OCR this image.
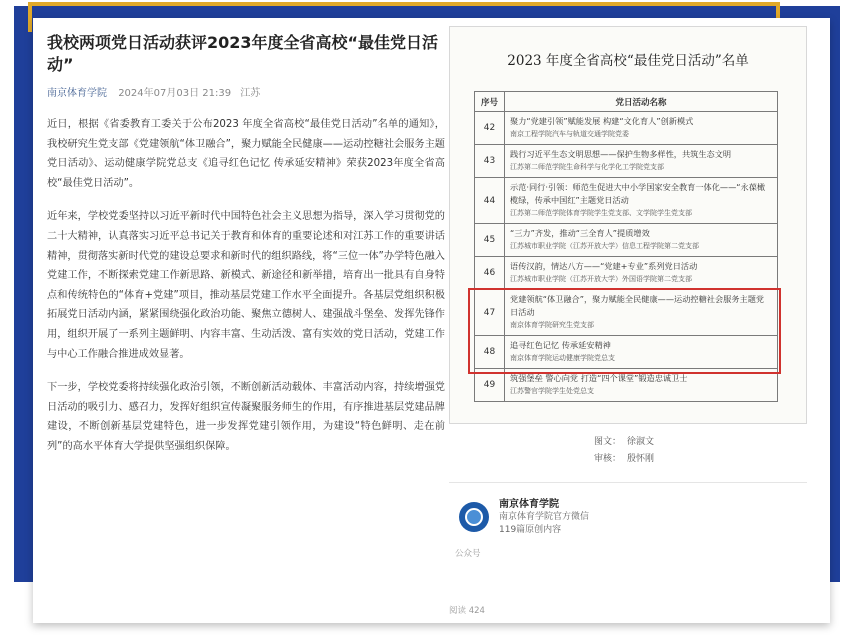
我校两项党日活动获评2023年度全省高校“最佳党日活动”
南京体育学院 2024年07月03日 21:39 江苏

近日，根据《省委教育工委关于公布2023 年度全省高校“最佳党日活动”名单的通知》，我校研究生党支部《党建领航“体卫融合”，聚力赋能全民健康——运动控糖社会服务主题党日活动》、运动健康学院党总支《追寻红色记忆 传承延安精神》荣获2023年度全省高校“最佳党日活动”。

近年来，学校党委坚持以习近平新时代中国特色社会主义思想为指导，深入学习贯彻党的二十大精神，认真落实习近平总书记关于教育和体育的重要论述和对江苏工作的重要讲话精神，贯彻落实新时代党的建设总要求和新时代的组织路线，将“三位一体”办学特色融入党建工作，不断探索党建工作新思路、新模式、新途径和新举措，培育出一批具有自身特点和传统特色的“体育+党建”项目，推动基层党建工作水平全面提升。各基层党组织积极拓展党日活动内涵，紧紧围绕强化政治功能、聚焦立德树人、建强战斗堡垒、发挥先锋作用，组织开展了一系列主题鲜明、内容丰富、生动活泼、富有实效的党日活动，党建工作与中心工作融合推进成效显著。

下一步，学校党委将持续强化政治引领，不断创新活动载体、丰富活动内容，持续增强党日活动的吸引力、感召力，发挥好组织宣传凝聚服务师生的作用，有序推进基层党建品牌建设，不断创新基层党建特色，进一步发挥党建引领作用，为建设“特色鲜明、走在前列”的高水平体育大学提供坚强组织保障。

2023 年度全省高校“最佳党日活动”名单
序号	党日活动名称
42	聚力“党建引领”赋能发展 构建“文化育人”创新模式
南京工程学院汽车与轨道交通学院党委

43	践行习近平生态文明思想——保护生物多样性，共筑生态文明
江苏第二师范学院生命科学与化学化工学院党支部

44	示范·同行·引领：师范生促进大中小学国家安全教育一体化——“永葆橄榄绿，传承中国红”主题党日活动
江苏第二师范学院体育学院学生党支部、文学院学生党支部

45	“三力”齐发，推动“三全育人”提质增效
江苏城市职业学院（江苏开放大学）信息工程学院第二党支部

46	语传汉韵，情达八方——“党建+专业”系列党日活动
江苏城市职业学院（江苏开放大学）外国语学院第二党支部

47	党建领航“体卫融合”，聚力赋能全民健康——运动控糖社会服务主题党日活动
南京体育学院研究生党支部

48	追寻红色记忆 传承延安精神
南京体育学院运动健康学院党总支

49	筑强堡垒 警心向党 打造“四个课堂”锻造忠诚卫士
江苏警官学院学生处党总支
图文： 徐淑文
审核： 殷怀刚
南京体育学院
南京体育学院官方微信
119篇原创内容
公众号
阅读 424
